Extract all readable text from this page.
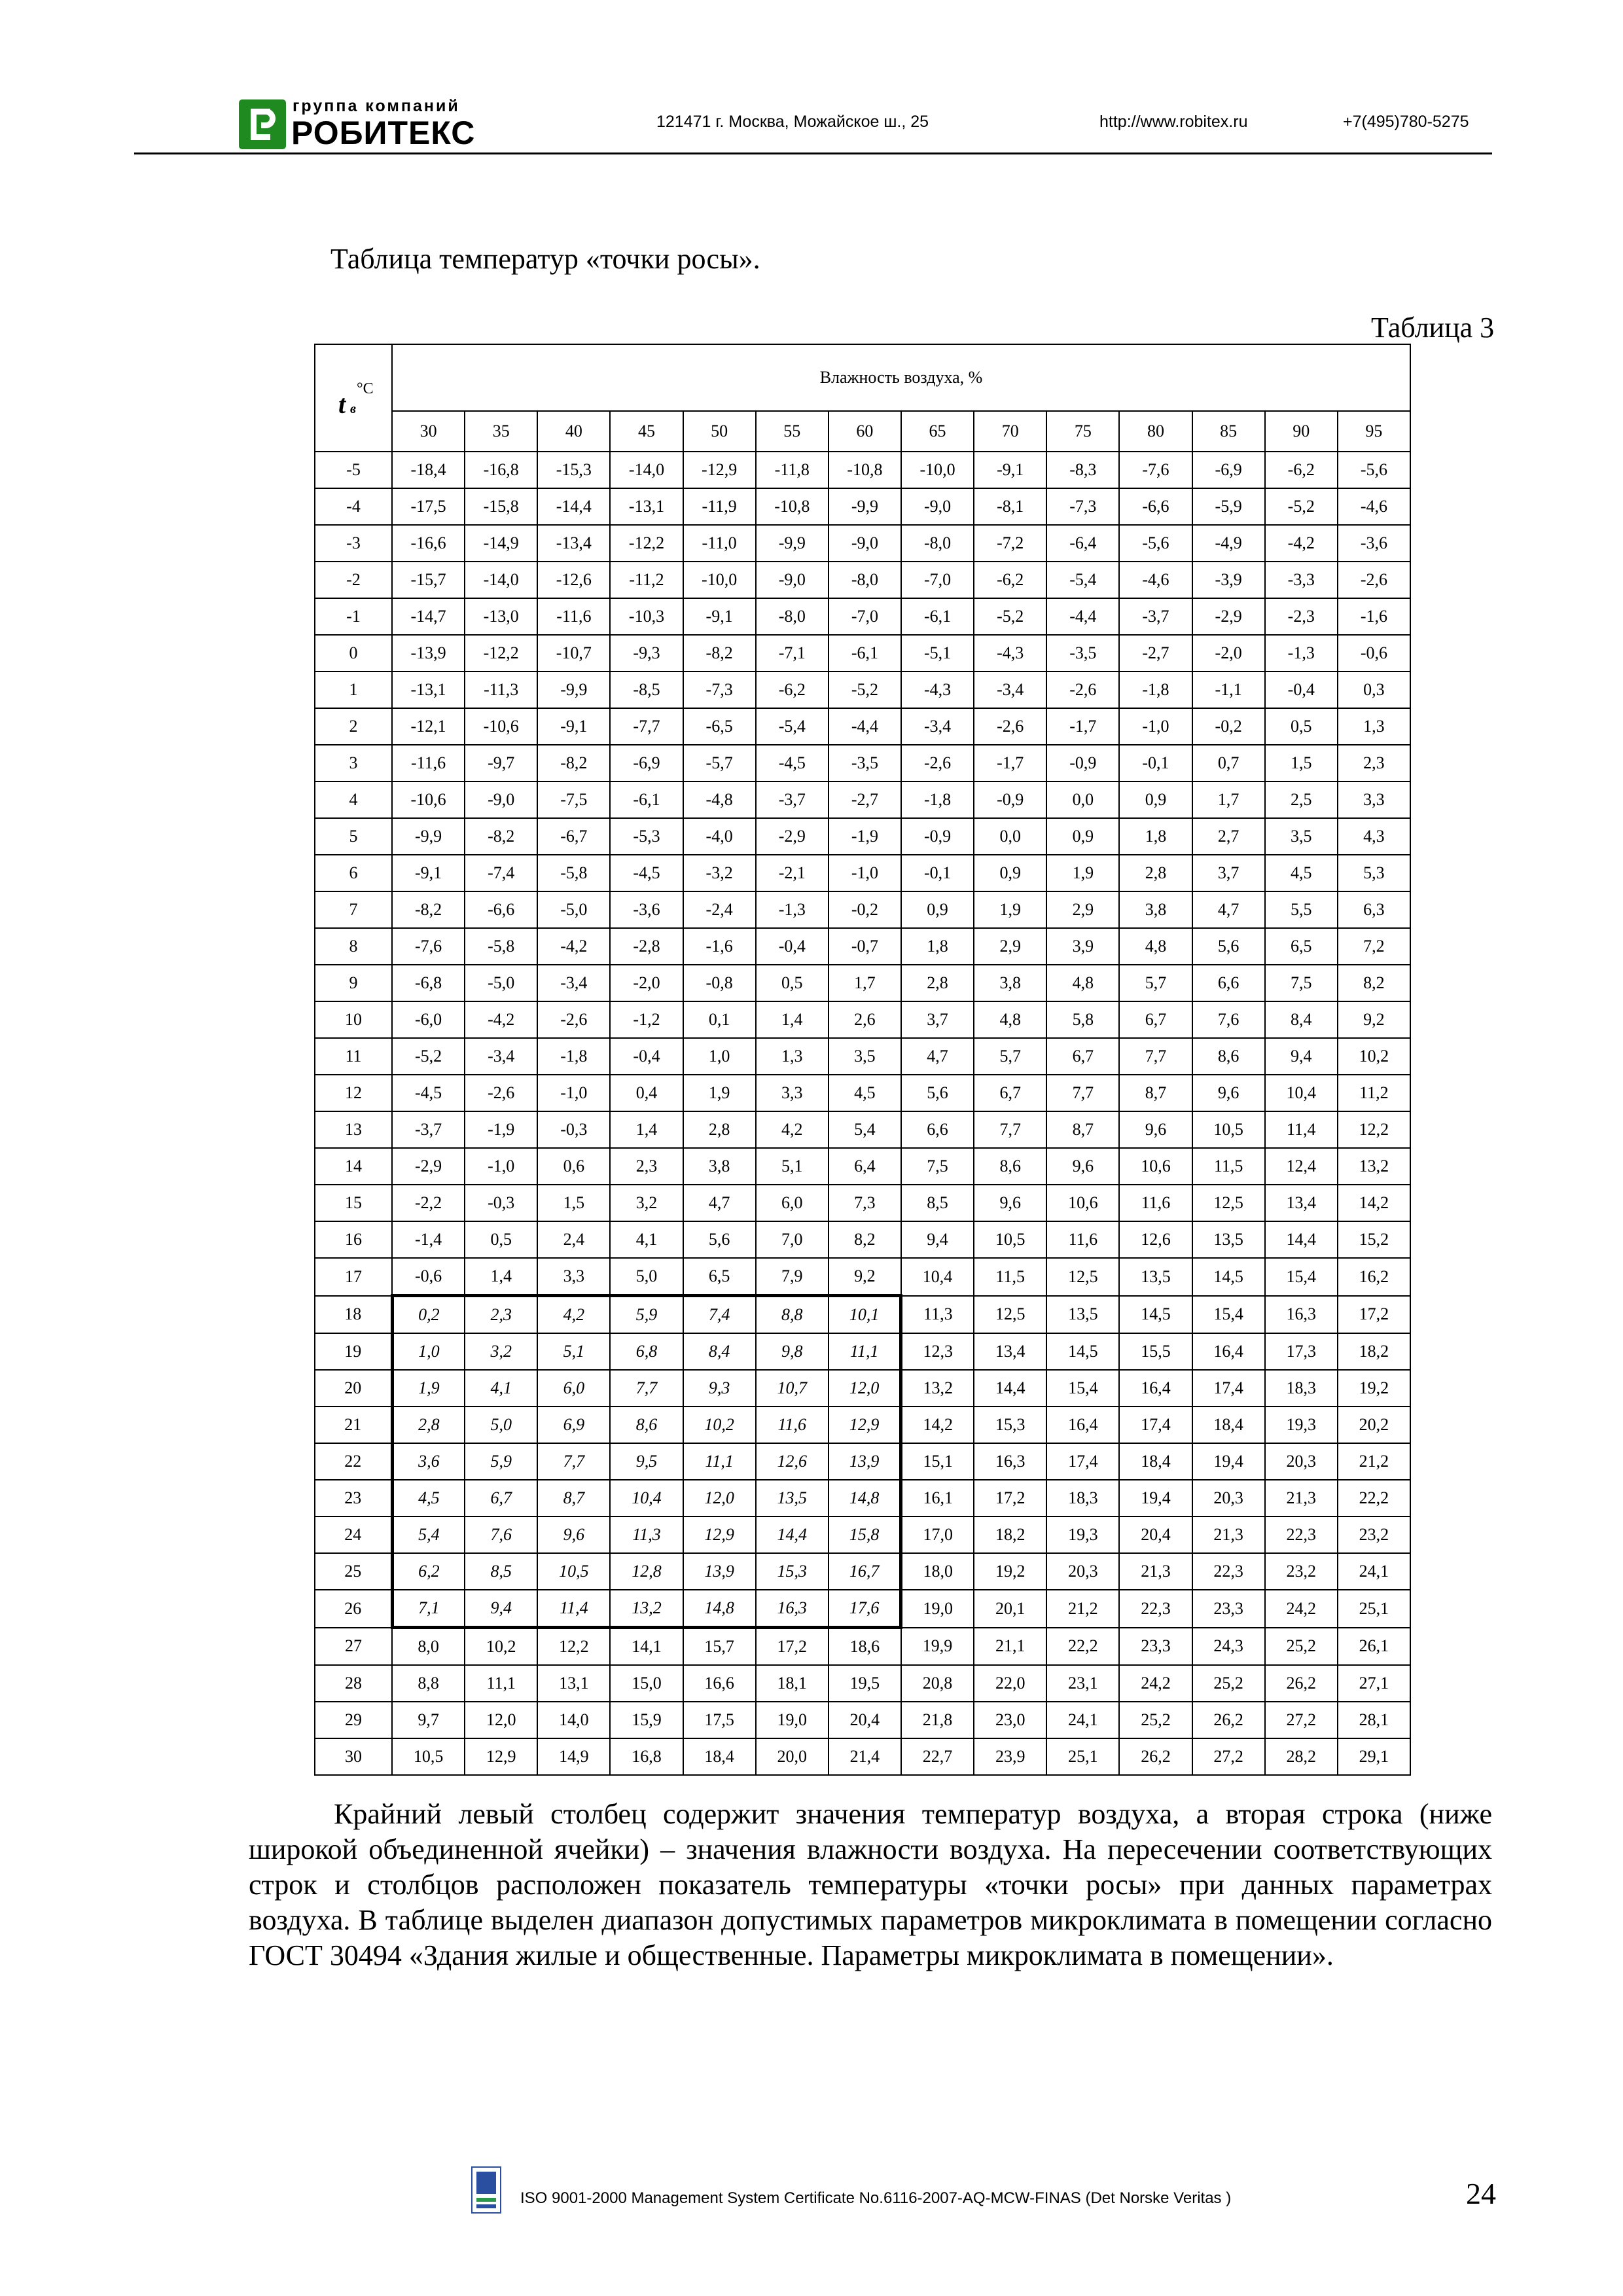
группа компаний
РОБИТЕКС	121471 г. Москва, Можайское ш., 25	http://www.robitex.ru	+7(495)780-5275
Таблица температур «точки росы».
Таблица 3
t в
°C	Влажность воздуха, %													
	30	35	40	45	50	55	60	65	70	75	80	85	90	95
-5	-18,4	-16,8	-15,3	-14,0	-12,9	-11,8	-10,8	-10,0	-9,1	-8,3	-7,6	-6,9	-6,2	-5,6
-4	-17,5	-15,8	-14,4	-13,1	-11,9	-10,8	-9,9	-9,0	-8,1	-7,3	-6,6	-5,9	-5,2	-4,6
-3	-16,6	-14,9	-13,4	-12,2	-11,0	-9,9	-9,0	-8,0	-7,2	-6,4	-5,6	-4,9	-4,2	-3,6
-2	-15,7	-14,0	-12,6	-11,2	-10,0	-9,0	-8,0	-7,0	-6,2	-5,4	-4,6	-3,9	-3,3	-2,6
-1	-14,7	-13,0	-11,6	-10,3	-9,1	-8,0	-7,0	-6,1	-5,2	-4,4	-3,7	-2,9	-2,3	-1,6
0	-13,9	-12,2	-10,7	-9,3	-8,2	-7,1	-6,1	-5,1	-4,3	-3,5	-2,7	-2,0	-1,3	-0,6
1	-13,1	-11,3	-9,9	-8,5	-7,3	-6,2	-5,2	-4,3	-3,4	-2,6	-1,8	-1,1	-0,4	0,3
2	-12,1	-10,6	-9,1	-7,7	-6,5	-5,4	-4,4	-3,4	-2,6	-1,7	-1,0	-0,2	0,5	1,3
3	-11,6	-9,7	-8,2	-6,9	-5,7	-4,5	-3,5	-2,6	-1,7	-0,9	-0,1	0,7	1,5	2,3
4	-10,6	-9,0	-7,5	-6,1	-4,8	-3,7	-2,7	-1,8	-0,9	0,0	0,9	1,7	2,5	3,3
5	-9,9	-8,2	-6,7	-5,3	-4,0	-2,9	-1,9	-0,9	0,0	0,9	1,8	2,7	3,5	4,3
6	-9,1	-7,4	-5,8	-4,5	-3,2	-2,1	-1,0	-0,1	0,9	1,9	2,8	3,7	4,5	5,3
7	-8,2	-6,6	-5,0	-3,6	-2,4	-1,3	-0,2	0,9	1,9	2,9	3,8	4,7	5,5	6,3
8	-7,6	-5,8	-4,2	-2,8	-1,6	-0,4	-0,7	1,8	2,9	3,9	4,8	5,6	6,5	7,2
9	-6,8	-5,0	-3,4	-2,0	-0,8	0,5	1,7	2,8	3,8	4,8	5,7	6,6	7,5	8,2
10	-6,0	-4,2	-2,6	-1,2	0,1	1,4	2,6	3,7	4,8	5,8	6,7	7,6	8,4	9,2
11	-5,2	-3,4	-1,8	-0,4	1,0	1,3	3,5	4,7	5,7	6,7	7,7	8,6	9,4	10,2
12	-4,5	-2,6	-1,0	0,4	1,9	3,3	4,5	5,6	6,7	7,7	8,7	9,6	10,4	11,2
13	-3,7	-1,9	-0,3	1,4	2,8	4,2	5,4	6,6	7,7	8,7	9,6	10,5	11,4	12,2
14	-2,9	-1,0	0,6	2,3	3,8	5,1	6,4	7,5	8,6	9,6	10,6	11,5	12,4	13,2
15	-2,2	-0,3	1,5	3,2	4,7	6,0	7,3	8,5	9,6	10,6	11,6	12,5	13,4	14,2
16	-1,4	0,5	2,4	4,1	5,6	7,0	8,2	9,4	10,5	11,6	12,6	13,5	14,4	15,2
17	-0,6	1,4	3,3	5,0	6,5	7,9	9,2	10,4	11,5	12,5	13,5	14,5	15,4	16,2
18	0,2	2,3	4,2	5,9	7,4	8,8	10,1	11,3	12,5	13,5	14,5	15,4	16,3	17,2
19	1,0	3,2	5,1	6,8	8,4	9,8	11,1	12,3	13,4	14,5	15,5	16,4	17,3	18,2
20	1,9	4,1	6,0	7,7	9,3	10,7	12,0	13,2	14,4	15,4	16,4	17,4	18,3	19,2
21	2,8	5,0	6,9	8,6	10,2	11,6	12,9	14,2	15,3	16,4	17,4	18,4	19,3	20,2
22	3,6	5,9	7,7	9,5	11,1	12,6	13,9	15,1	16,3	17,4	18,4	19,4	20,3	21,2
23	4,5	6,7	8,7	10,4	12,0	13,5	14,8	16,1	17,2	18,3	19,4	20,3	21,3	22,2
24	5,4	7,6	9,6	11,3	12,9	14,4	15,8	17,0	18,2	19,3	20,4	21,3	22,3	23,2
25	6,2	8,5	10,5	12,8	13,9	15,3	16,7	18,0	19,2	20,3	21,3	22,3	23,2	24,1
26	7,1	9,4	11,4	13,2	14,8	16,3	17,6	19,0	20,1	21,2	22,3	23,3	24,2	25,1
27	8,0	10,2	12,2	14,1	15,7	17,2	18,6	19,9	21,1	22,2	23,3	24,3	25,2	26,1
28	8,8	11,1	13,1	15,0	16,6	18,1	19,5	20,8	22,0	23,1	24,2	25,2	26,2	27,1
29	9,7	12,0	14,0	15,9	17,5	19,0	20,4	21,8	23,0	24,1	25,2	26,2	27,2	28,1
30	10,5	12,9	14,9	16,8	18,4	20,0	21,4	22,7	23,9	25,1	26,2	27,2	28,2	29,1

Крайний левый столбец содержит значения температур воздуха, а вторая строка (ниже широкой объединенной ячейки) – значения влажности воздуха. На пересечении соответствующих строк и столбцов расположен показатель температуры «точки росы» при данных параметрах воздуха. В таблице выделен диапазон допустимых параметров микроклимата в помещении согласно ГОСТ 30494 «Здания жилые и общественные. Параметры микроклимата в помещении».

ISO 9001-2000 Management System Certificate No.6116-2007-AQ-MCW-FINAS (Det Norske Veritas )	24
